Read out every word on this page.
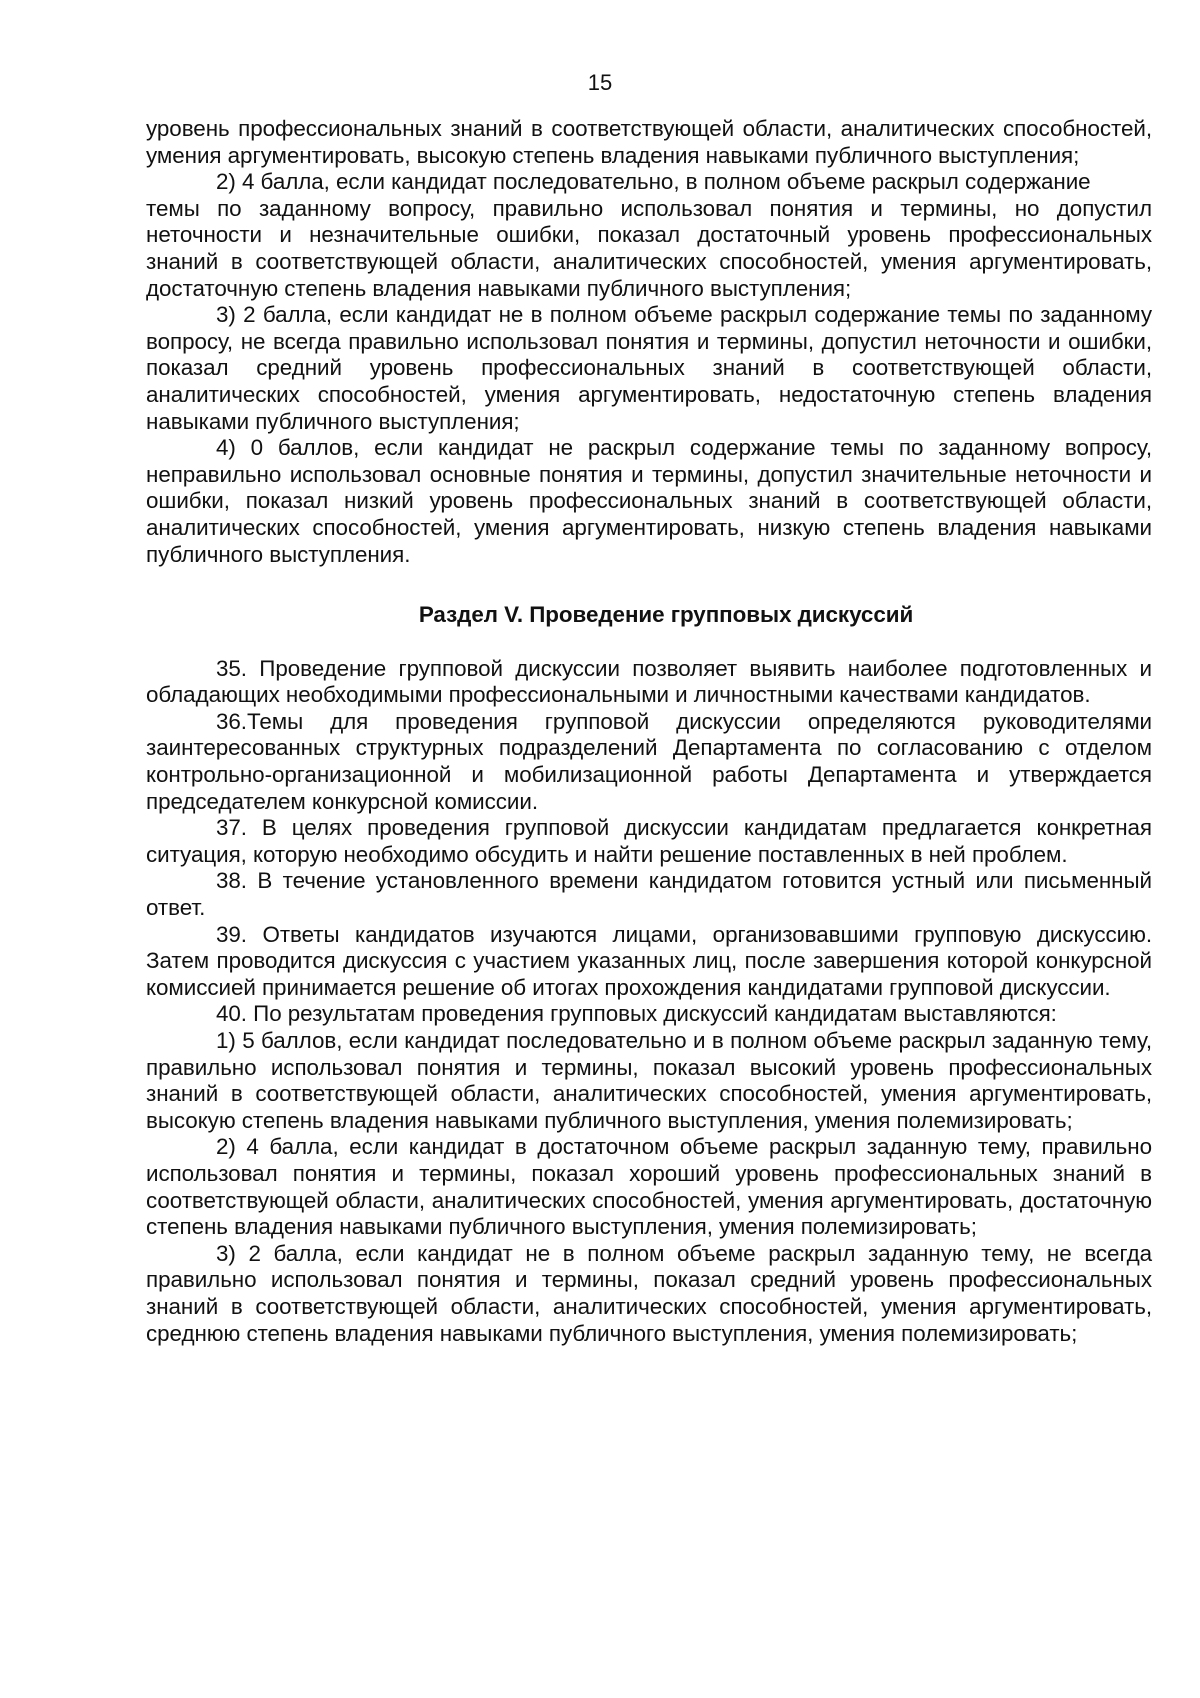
15

уровень профессиональных знаний в соответствующей области, аналитических способностей, умения аргументировать, высокую степень владения навыками публичного выступления;

2) 4 балла, если кандидат последовательно, в полном объеме раскрыл содержание

темы по заданному вопросу, правильно использовал понятия и термины, но допустил неточности и незначительные ошибки, показал достаточный уровень профессиональных знаний в соответствующей области, аналитических способностей, умения аргументировать, достаточную степень владения навыками публичного выступления;

3) 2 балла, если кандидат не в полном объеме раскрыл содержание темы по заданному вопросу, не всегда правильно использовал понятия и термины, допустил неточности и ошибки, показал средний уровень профессиональных знаний в соответствующей области, аналитических способностей, умения аргументировать, недостаточную степень владения навыками публичного выступления;

4) 0 баллов, если кандидат не раскрыл содержание темы по заданному вопросу, неправильно использовал основные понятия и термины, допустил значительные неточности и ошибки, показал низкий уровень профессиональных знаний в соответствующей области, аналитических способностей, умения аргументировать, низкую степень владения навыками публичного выступления.

Раздел V. Проведение групповых дискуссий

35. Проведение групповой дискуссии позволяет выявить наиболее подготовленных и обладающих необходимыми профессиональными и личностными качествами кандидатов.

36.Темы для проведения групповой дискуссии определяются руководителями заинтересованных структурных подразделений Департамента по согласованию с отделом контрольно-организационной и мобилизационной работы Департамента и утверждается председателем конкурсной комиссии.

37. В целях проведения групповой дискуссии кандидатам предлагается конкретная ситуация, которую необходимо обсудить и найти решение поставленных в ней проблем.

38. В течение установленного времени кандидатом готовится устный или письменный ответ.

39. Ответы кандидатов изучаются лицами, организовавшими групповую дискуссию. Затем проводится дискуссия с участием указанных лиц, после завершения которой конкурсной комиссией принимается решение об итогах прохождения кандидатами групповой дискуссии.

40. По результатам проведения групповых дискуссий кандидатам выставляются:

1) 5 баллов, если кандидат последовательно и в полном объеме раскрыл заданную тему, правильно использовал понятия и термины, показал высокий уровень профессиональных знаний в соответствующей области, аналитических способностей, умения аргументировать, высокую степень владения навыками публичного выступления, умения полемизировать;

2) 4 балла, если кандидат в достаточном объеме раскрыл заданную тему, правильно использовал понятия и термины, показал хороший уровень профессиональных знаний в соответствующей области, аналитических способностей, умения аргументировать, достаточную степень владения навыками публичного выступления, умения полемизировать;

3) 2 балла, если кандидат не в полном объеме раскрыл заданную тему, не всегда правильно использовал понятия и термины, показал средний уровень профессиональных знаний в соответствующей области, аналитических способностей, умения аргументировать, среднюю степень владения навыками публичного выступления, умения полемизировать;
